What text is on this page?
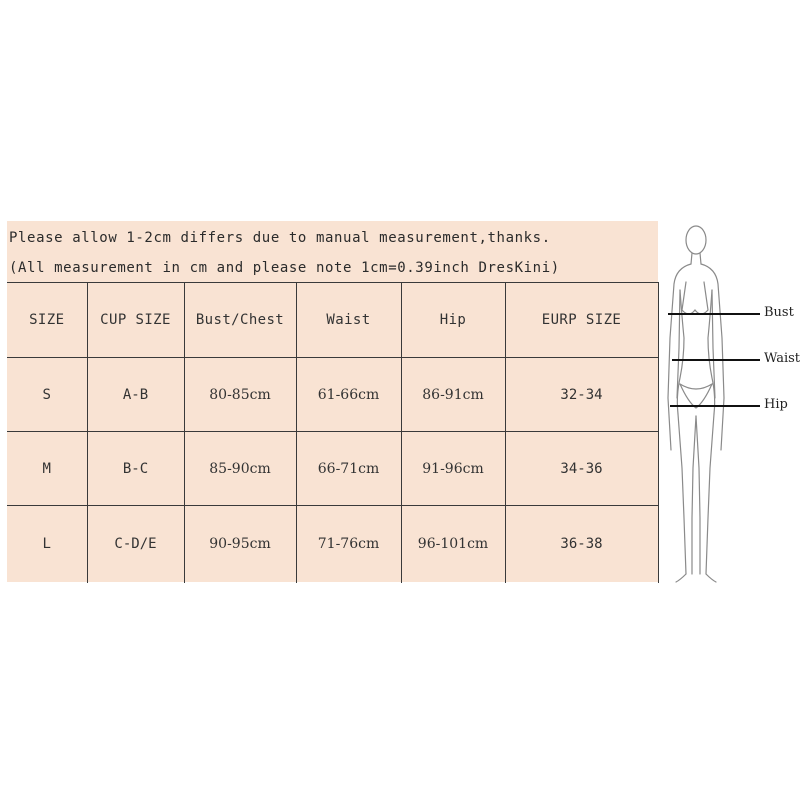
Please allow 1-2cm differs due to manual measurement,thanks.
(All measurement in cm and please note 1cm=0.39inch DresKini)
SIZE	CUP SIZE	Bust/Chest	Waist	Hip	EURP SIZE
S	A-B	80-85cm	61-66cm	86-91cm	32-34
M	B-C	85-90cm	66-71cm	91-96cm	34-36
L	C-D/E	90-95cm	71-76cm	96-101cm	36-38
Bust
Waist
Hip
